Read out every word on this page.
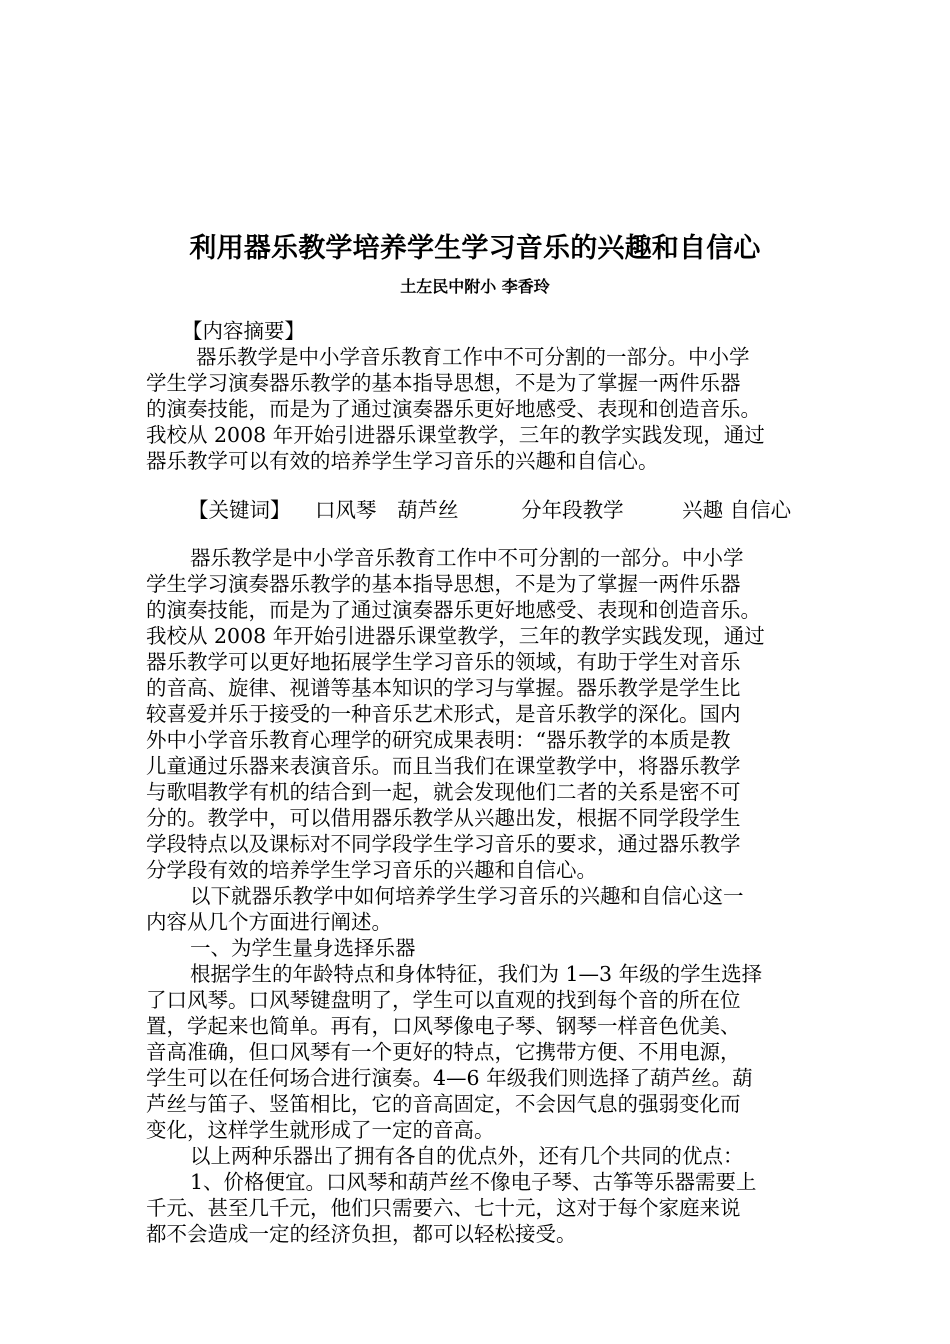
利用器乐教学培养学生学习音乐的兴趣和自信心
土左民中附小 李香玲
【内容摘要】
器乐教学是中小学音乐教育工作中不可分割的一部分。中小学
学生学习演奏器乐教学的基本指导思想，不是为了掌握一两件乐器
的演奏技能，而是为了通过演奏器乐更好地感受、表现和创造音乐。
我校从 2008 年开始引进器乐课堂教学，三年的教学实践发现，通过
器乐教学可以有效的培养学生学习音乐的兴趣和自信心。
【关键词】 口风琴 葫芦丝	分年段教学	兴趣 自信心
器乐教学是中小学音乐教育工作中不可分割的一部分。中小学
学生学习演奏器乐教学的基本指导思想，不是为了掌握一两件乐器
的演奏技能，而是为了通过演奏器乐更好地感受、表现和创造音乐。
我校从 2008 年开始引进器乐课堂教学，三年的教学实践发现，通过
器乐教学可以更好地拓展学生学习音乐的领域，有助于学生对音乐
的音高、旋律、视谱等基本知识的学习与掌握。器乐教学是学生比
较喜爱并乐于接受的一种音乐艺术形式，是音乐教学的深化。国内
外中小学音乐教育心理学的研究成果表明：“器乐教学的本质是教
儿童通过乐器来表演音乐。而且当我们在课堂教学中，将器乐教学
与歌唱教学有机的结合到一起，就会发现他们二者的关系是密不可
分的。教学中，可以借用器乐教学从兴趣出发，根据不同学段学生
学段特点以及课标对不同学段学生学习音乐的要求，通过器乐教学
分学段有效的培养学生学习音乐的兴趣和自信心。
以下就器乐教学中如何培养学生学习音乐的兴趣和自信心这一
内容从几个方面进行阐述。
一、为学生量身选择乐器
根据学生的年龄特点和身体特征，我们为 1—3 年级的学生选择
了口风琴。口风琴键盘明了，学生可以直观的找到每个音的所在位
置，学起来也简单。再有，口风琴像电子琴、钢琴一样音色优美、
音高准确，但口风琴有一个更好的特点，它携带方便、不用电源，
学生可以在任何场合进行演奏。4—6 年级我们则选择了葫芦丝。葫
芦丝与笛子、竖笛相比，它的音高固定，不会因气息的强弱变化而
变化，这样学生就形成了一定的音高。
以上两种乐器出了拥有各自的优点外，还有几个共同的优点：
1、价格便宜。口风琴和葫芦丝不像电子琴、古筝等乐器需要上
千元、甚至几千元，他们只需要六、七十元，这对于每个家庭来说
都不会造成一定的经济负担，都可以轻松接受。
